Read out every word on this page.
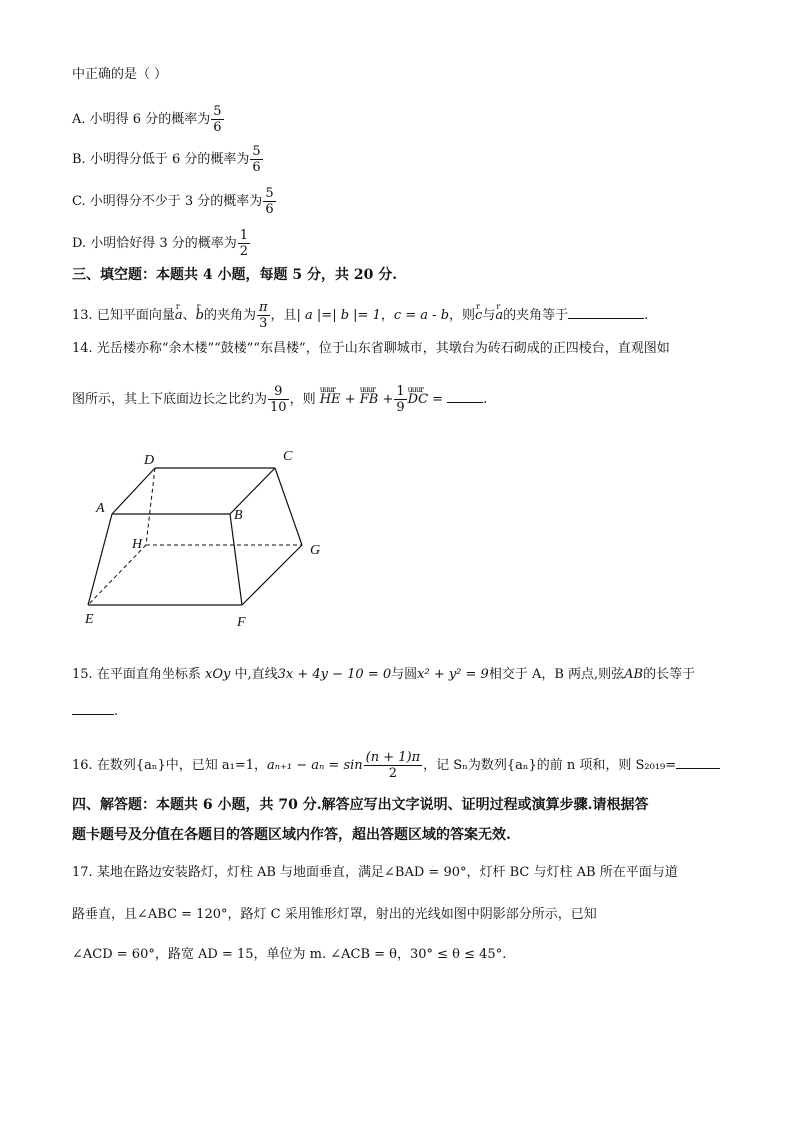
中正确的是（ ）
A. 小明得 6 分的概率为 $\frac{5}{6}$
B. 小明得分低于 6 分的概率为 $\frac{5}{6}$
C. 小明得分不少于 3 分的概率为 $\frac{5}{6}$
D. 小明恰好得 3 分的概率为 $\frac{1}{2}$
三、填空题：本题共 4 小题，每题 5 分，共 20 分.
13. 已知平面向量r a、r b的夹角为 $\frac{\pi}{3}$ ，且| a |=| b |= 1，c = a - b，则r c与r a的夹角等于	.
14. 光岳楼亦称“余木楼”“鼓楼”“东昌楼”，位于山东省聊城市，其墩台为砖石砌成的正四棱台，直观图如
图所示，其上下底面边长之比约为 $\frac{9}{10}$ ，则 uuur HE + uuur FB + $\frac{1}{9}$ uuur DC =	.
D	C
A	B
H	G
E	F
15. 在平面直角坐标系 xOy 中,直线3x + 4y − 10 = 0与圆x² + y² = 9相交于 A，B 两点,则弦AB的长等于
.
16. 在数列{aₙ}中，已知 a₁=1，$a_{n+1} - a_n = \sin \frac{(n + 1)\pi}{2}$ ，记 Sₙ为数列{aₙ}的前 n 项和，则 S₂₀₁₉=
四、解答题：本题共 6 小题，共 70 分.解答应写出文字说明、证明过程或演算步骤.请根据答
题卡题号及分值在各题目的答题区域内作答，超出答题区域的答案无效.
17. 某地在路边安装路灯，灯柱 AB 与地面垂直，满足∠BAD = 90°，灯杆 BC 与灯柱 AB 所在平面与道
路垂直，且∠ABC = 120°，路灯 C 采用锥形灯罩，射出的光线如图中阴影部分所示，已知
∠ACD = 60°，路宽 AD = 15，单位为 m. ∠ACB = θ，30° ≤ θ ≤ 45°.
